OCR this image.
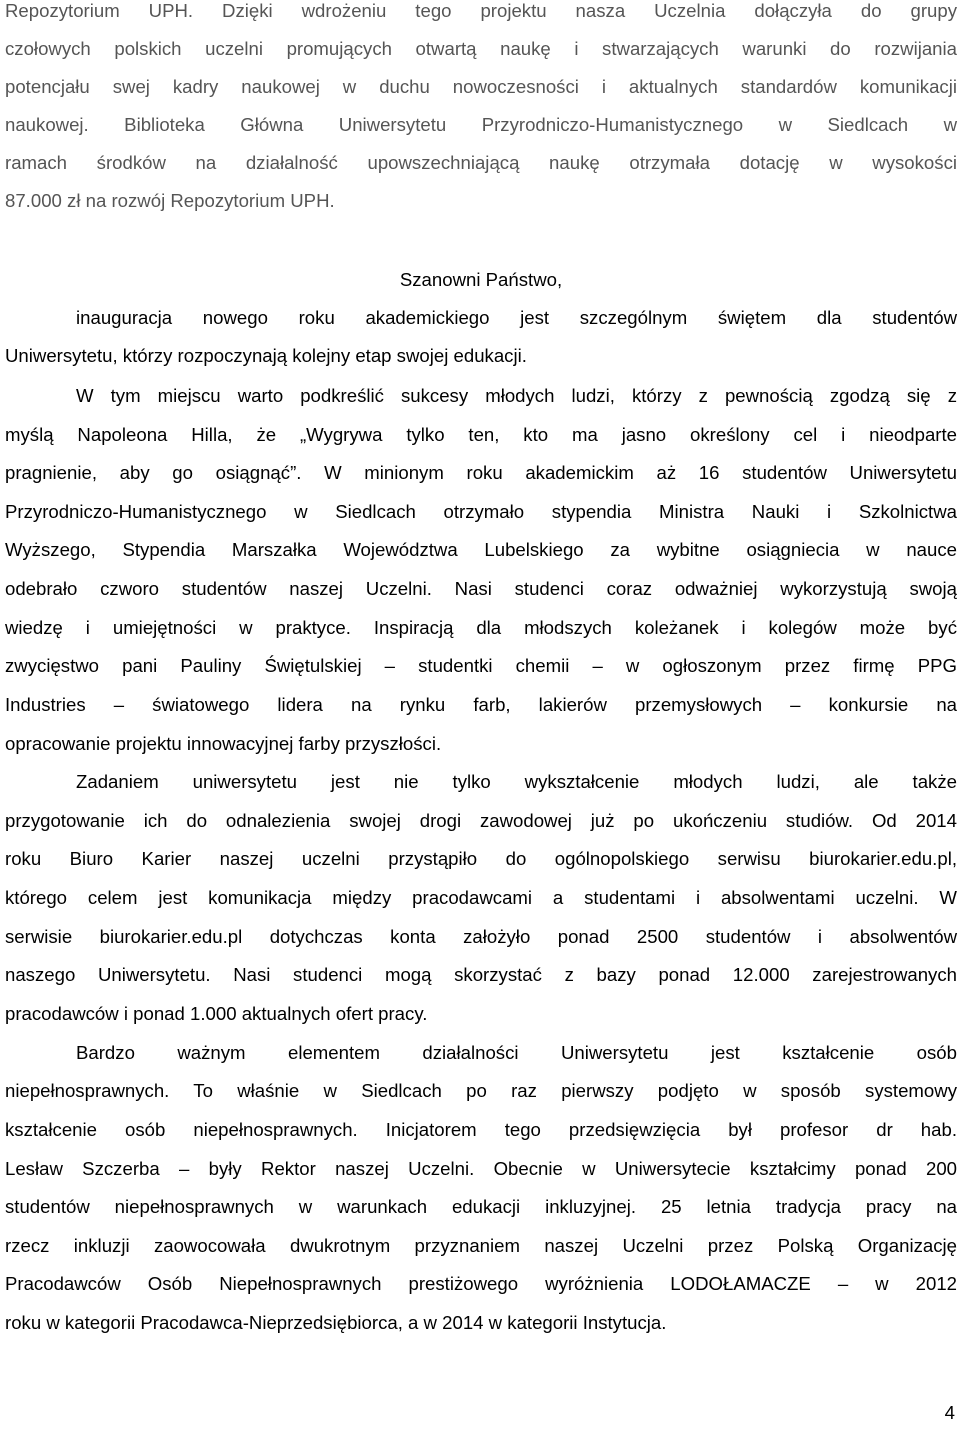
Repozytorium UPH. Dzięki wdrożeniu tego projektu nasza Uczelnia dołączyła do grupy
czołowych polskich uczelni promujących otwartą naukę i stwarzających warunki do rozwijania
potencjału swej kadry naukowej w duchu nowoczesności i aktualnych standardów komunikacji
naukowej. Biblioteka Główna Uniwersytetu Przyrodniczo-Humanistycznego w Siedlcach w
ramach środków na działalność upowszechniającą naukę otrzymała dotację w wysokości
87.000 zł na rozwój Repozytorium UPH.
Szanowni Państwo,
inauguracja nowego roku akademickiego jest szczególnym świętem dla studentów
Uniwersytetu, którzy rozpoczynają kolejny etap swojej edukacji.
W tym miejscu warto podkreślić sukcesy młodych ludzi, którzy z pewnością zgodzą się z
myślą Napoleona Hilla, że „Wygrywa tylko ten, kto ma jasno określony cel i nieodparte
pragnienie, aby go osiągnąć”. W minionym roku akademickim aż 16 studentów Uniwersytetu
Przyrodniczo-Humanistycznego w Siedlcach otrzymało stypendia Ministra Nauki i Szkolnictwa
Wyższego, Stypendia Marszałka Województwa Lubelskiego za wybitne osiągniecia w nauce
odebrało czworo studentów naszej Uczelni. Nasi studenci coraz odważniej wykorzystują swoją
wiedzę i umiejętności w praktyce. Inspiracją dla młodszych koleżanek i kolegów może być
zwycięstwo pani Pauliny Świętulskiej – studentki chemii – w ogłoszonym przez firmę PPG
Industries – światowego lidera na rynku farb, lakierów przemysłowych – konkursie na
opracowanie projektu innowacyjnej farby przyszłości.
Zadaniem uniwersytetu jest nie tylko wykształcenie młodych ludzi, ale także
przygotowanie ich do odnalezienia swojej drogi zawodowej już po ukończeniu studiów. Od 2014
roku Biuro Karier naszej uczelni przystąpiło do ogólnopolskiego serwisu biurokarier.edu.pl,
którego celem jest komunikacja między pracodawcami a studentami i absolwentami uczelni. W
serwisie biurokarier.edu.pl dotychczas konta założyło ponad 2500 studentów i absolwentów
naszego Uniwersytetu. Nasi studenci mogą skorzystać z bazy ponad 12.000 zarejestrowanych
pracodawców i ponad 1.000 aktualnych ofert pracy.
Bardzo ważnym elementem działalności Uniwersytetu jest kształcenie osób
niepełnosprawnych. To właśnie w Siedlcach po raz pierwszy podjęto w sposób systemowy
kształcenie osób niepełnosprawnych. Inicjatorem tego przedsięwzięcia był profesor dr hab.
Lesław Szczerba – były Rektor naszej Uczelni. Obecnie w Uniwersytecie kształcimy ponad 200
studentów niepełnosprawnych w warunkach edukacji inkluzyjnej. 25 letnia tradycja pracy na
rzecz inkluzji zaowocowała dwukrotnym przyznaniem naszej Uczelni przez Polską Organizację
Pracodawców Osób Niepełnosprawnych prestiżowego wyróżnienia LODOŁAMACZE – w 2012
roku w kategorii Pracodawca-Nieprzedsiębiorca, a w 2014 w kategorii Instytucja.
4
